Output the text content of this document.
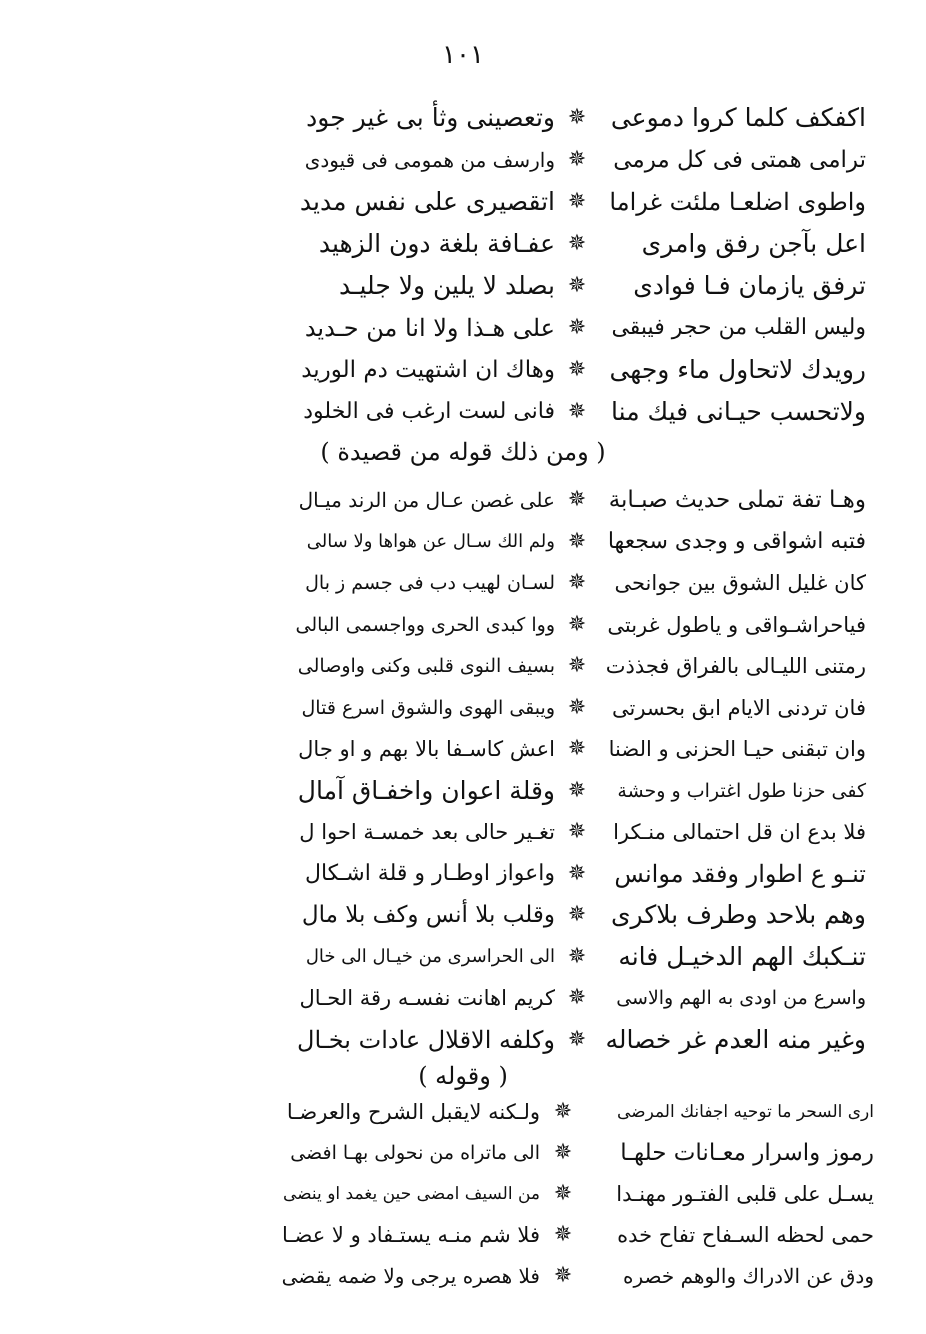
١٠١
اكفكف كلما كروا دموعى
✵
وتعصينى وثأ بى غير جود
ترامى همتى فى كل مرمى
✵
وارسف من همومى فى قيودى
واطوى اضلعـا ملئت غراما
✵
اتقصيرى على نفس مديد
اعل بآجن رفق وامرى
✵
عفـافة بلغة دون الزهيد
ترفق يازمان فـا فوادى
✵
بصلد لا يلين ولا جليـد
وليس القلب من حجر فيبقى
✵
على هـذا ولا انا من حـديد
رويدك لاتحاول ماء وجهى
✵
وهاك ان اشتهيت دم الوريد
ولاتحسب حيـانى فيك منا
✵
فانى لست ارغب فى الخلود
( ومن ذلك قوله من قصيدة )
وهـا تفة تملى حديث صبـابة
✵
على غصن عـال من الرند ميـال
فتبه اشواقى و وجدى سجعها
✵
ولم الك سـال عن هواها ولا سالى
كان غليل الشوق بين جوانحى
✵
لسـان لهيب دب فى جسم ز بال
فياحراشـواقى و ياطول غربتى
✵
ووا كبدى الحرى وواجسمى البالى
رمتنى الليـالى بالفراق فجذذت
✵
بسيف النوى قلبى وكنى واوصالى
فان تردنى الايام ابق بحسرتى
✵
ويبقى الهوى والشوق اسرع قتال
وان تبقنى حيـا الحزنى و الضنا
✵
اعش كاسـفا بالا بهم و او جال
كفى حزنا طول اغتراب و وحشة
✵
وقلة اعوان واخفـاق آمال
فلا بدع ان قل احتمالى منـكرا
✵
تغـير حالى بعد خمسـة احوا ل
تنـو ع اطوار وفقد موانس
✵
واعواز اوطـار و قلة اشـكال
وهم بلاحد وطرف بلاكرى
✵
وقلب بلا أنس وكف بلا مال
تنـكبك الهم الدخيـل فانه
✵
الى الحراسرى من خيـال الى خال
واسرع من اودى به الهم والاسى
✵
كريم اهانت نفسـه رقة الحـال
وغير منه العدم غر خصاله
✵
وكلفه الاقلال عادات بخـال
( وقوله )
ارى السحر ما توحيه اجفانك المرضى
✵
ولـكنه لايقبل الشرح والعرضـا
رموز واسرار معـانات حلهـا
✵
الى ماتراه من نحولى بهـا افضى
يسـل على قلبى الفتـور مهنـدا
✵
من السيف امضى حين يغمد او ينضى
حمى لحظه السـفاح تفاح خده
✵
فلا شم منـه يستـفاد و لا عضـا
ودق عن الادراك والوهم خصره
✵
فلا هصره يرجى ولا ضمه يقضى
